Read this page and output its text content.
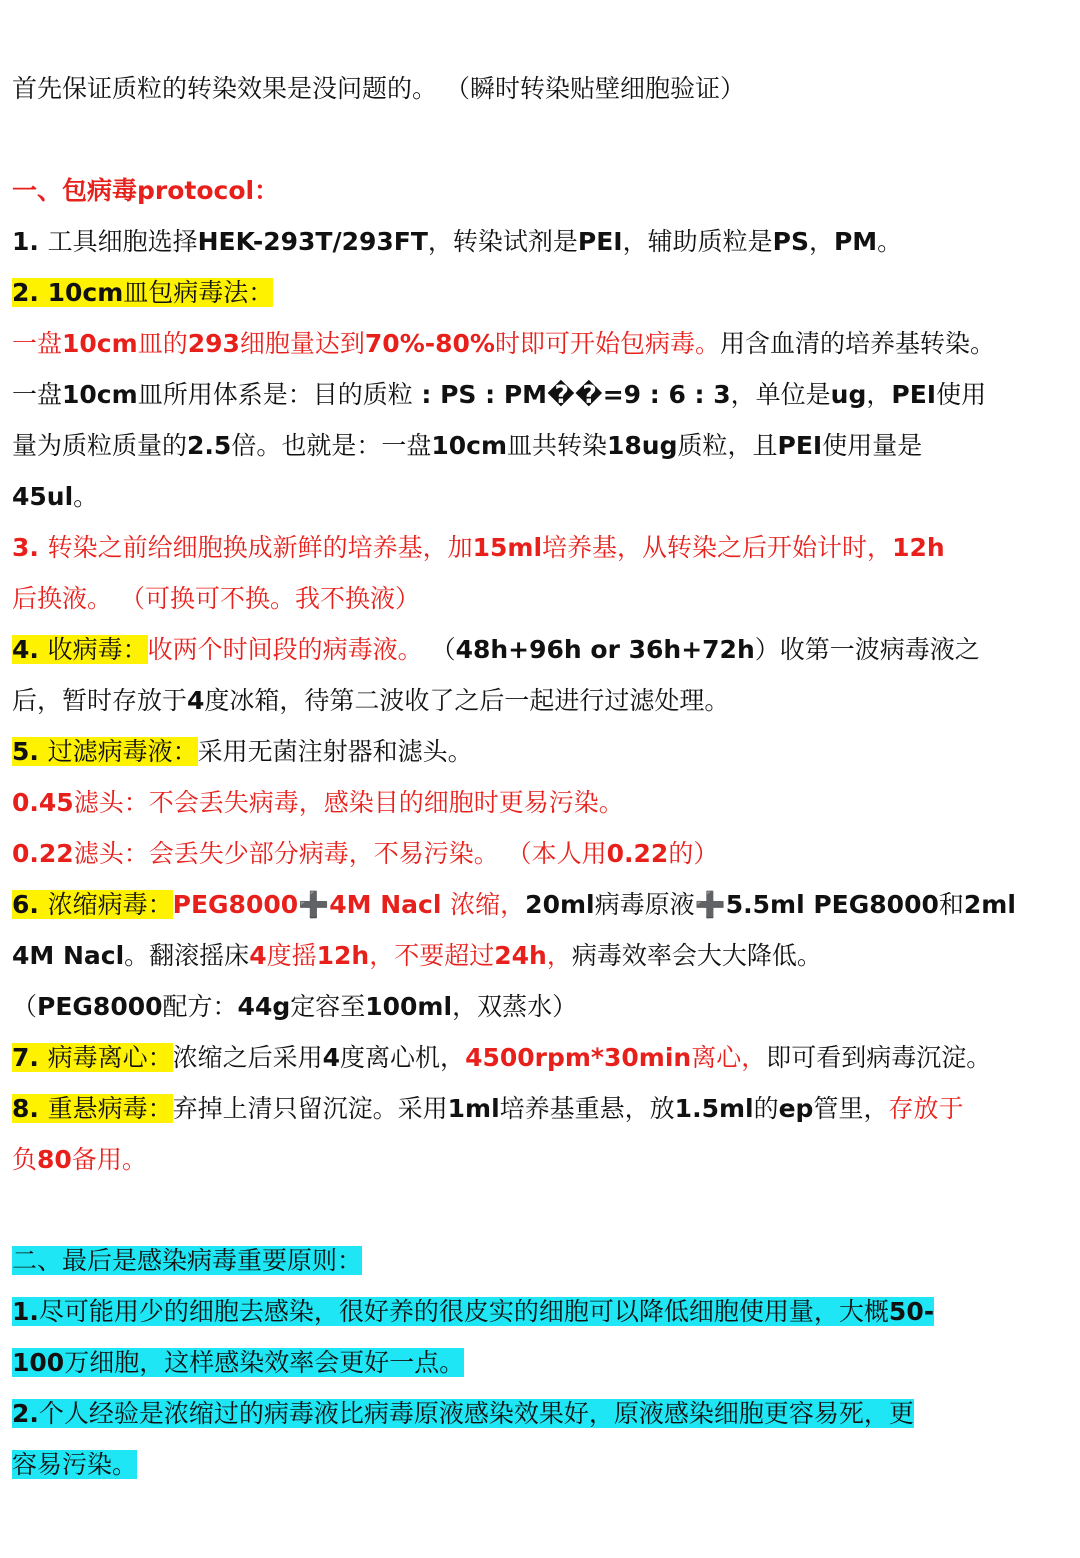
首先保证质粒的转染效果是没问题的。 （瞬时转染贴壁细胞验证）
一、包病毒protocol：
1. 工具细胞选择HEK-293T/293FT，转染试剂是PEI，辅助质粒是PS，PM。
2. 10cm皿包病毒法：
一盘10cm皿的293细胞量达到70%-80%时即可开始包病毒。用含血清的培养基转染。
一盘10cm皿所用体系是：目的质粒 : PS : PM��=9 : 6 : 3，单位是ug，PEI使用
量为质粒质量的2.5倍。也就是：一盘10cm皿共转染18ug质粒，且PEI使用量是
45ul。
3. 转染之前给细胞换成新鲜的培养基，加15ml培养基，从转染之后开始计时，12h
后换液。 （可换可不换。我不换液）
4. 收病毒：收两个时间段的病毒液。 （48h+96h or 36h+72h）收第一波病毒液之
后，暂时存放于4度冰箱，待第二波收了之后一起进行过滤处理。
5. 过滤病毒液：采用无菌注射器和滤头。
0.45滤头：不会丢失病毒，感染目的细胞时更易污染。
0.22滤头：会丢失少部分病毒，不易污染。 （本人用0.22的）
6. 浓缩病毒：PEG8000➕4M Nacl 浓缩，20ml病毒原液➕5.5ml PEG8000和2ml
4M Nacl。翻滚摇床4度摇12h，不要超过24h，病毒效率会大大降低。
（PEG8000配方：44g定容至100ml，双蒸水）
7. 病毒离心：浓缩之后采用4度离心机，4500rpm*30min离心，即可看到病毒沉淀。
8. 重悬病毒：弃掉上清只留沉淀。采用1ml培养基重悬，放1.5ml的ep管里，存放于
负80备用。
二、最后是感染病毒重要原则：
1.尽可能用少的细胞去感染，很好养的很皮实的细胞可以降低细胞使用量，大概50-
100万细胞，这样感染效率会更好一点。
2.个人经验是浓缩过的病毒液比病毒原液感染效果好，原液感染细胞更容易死，更
容易污染。
